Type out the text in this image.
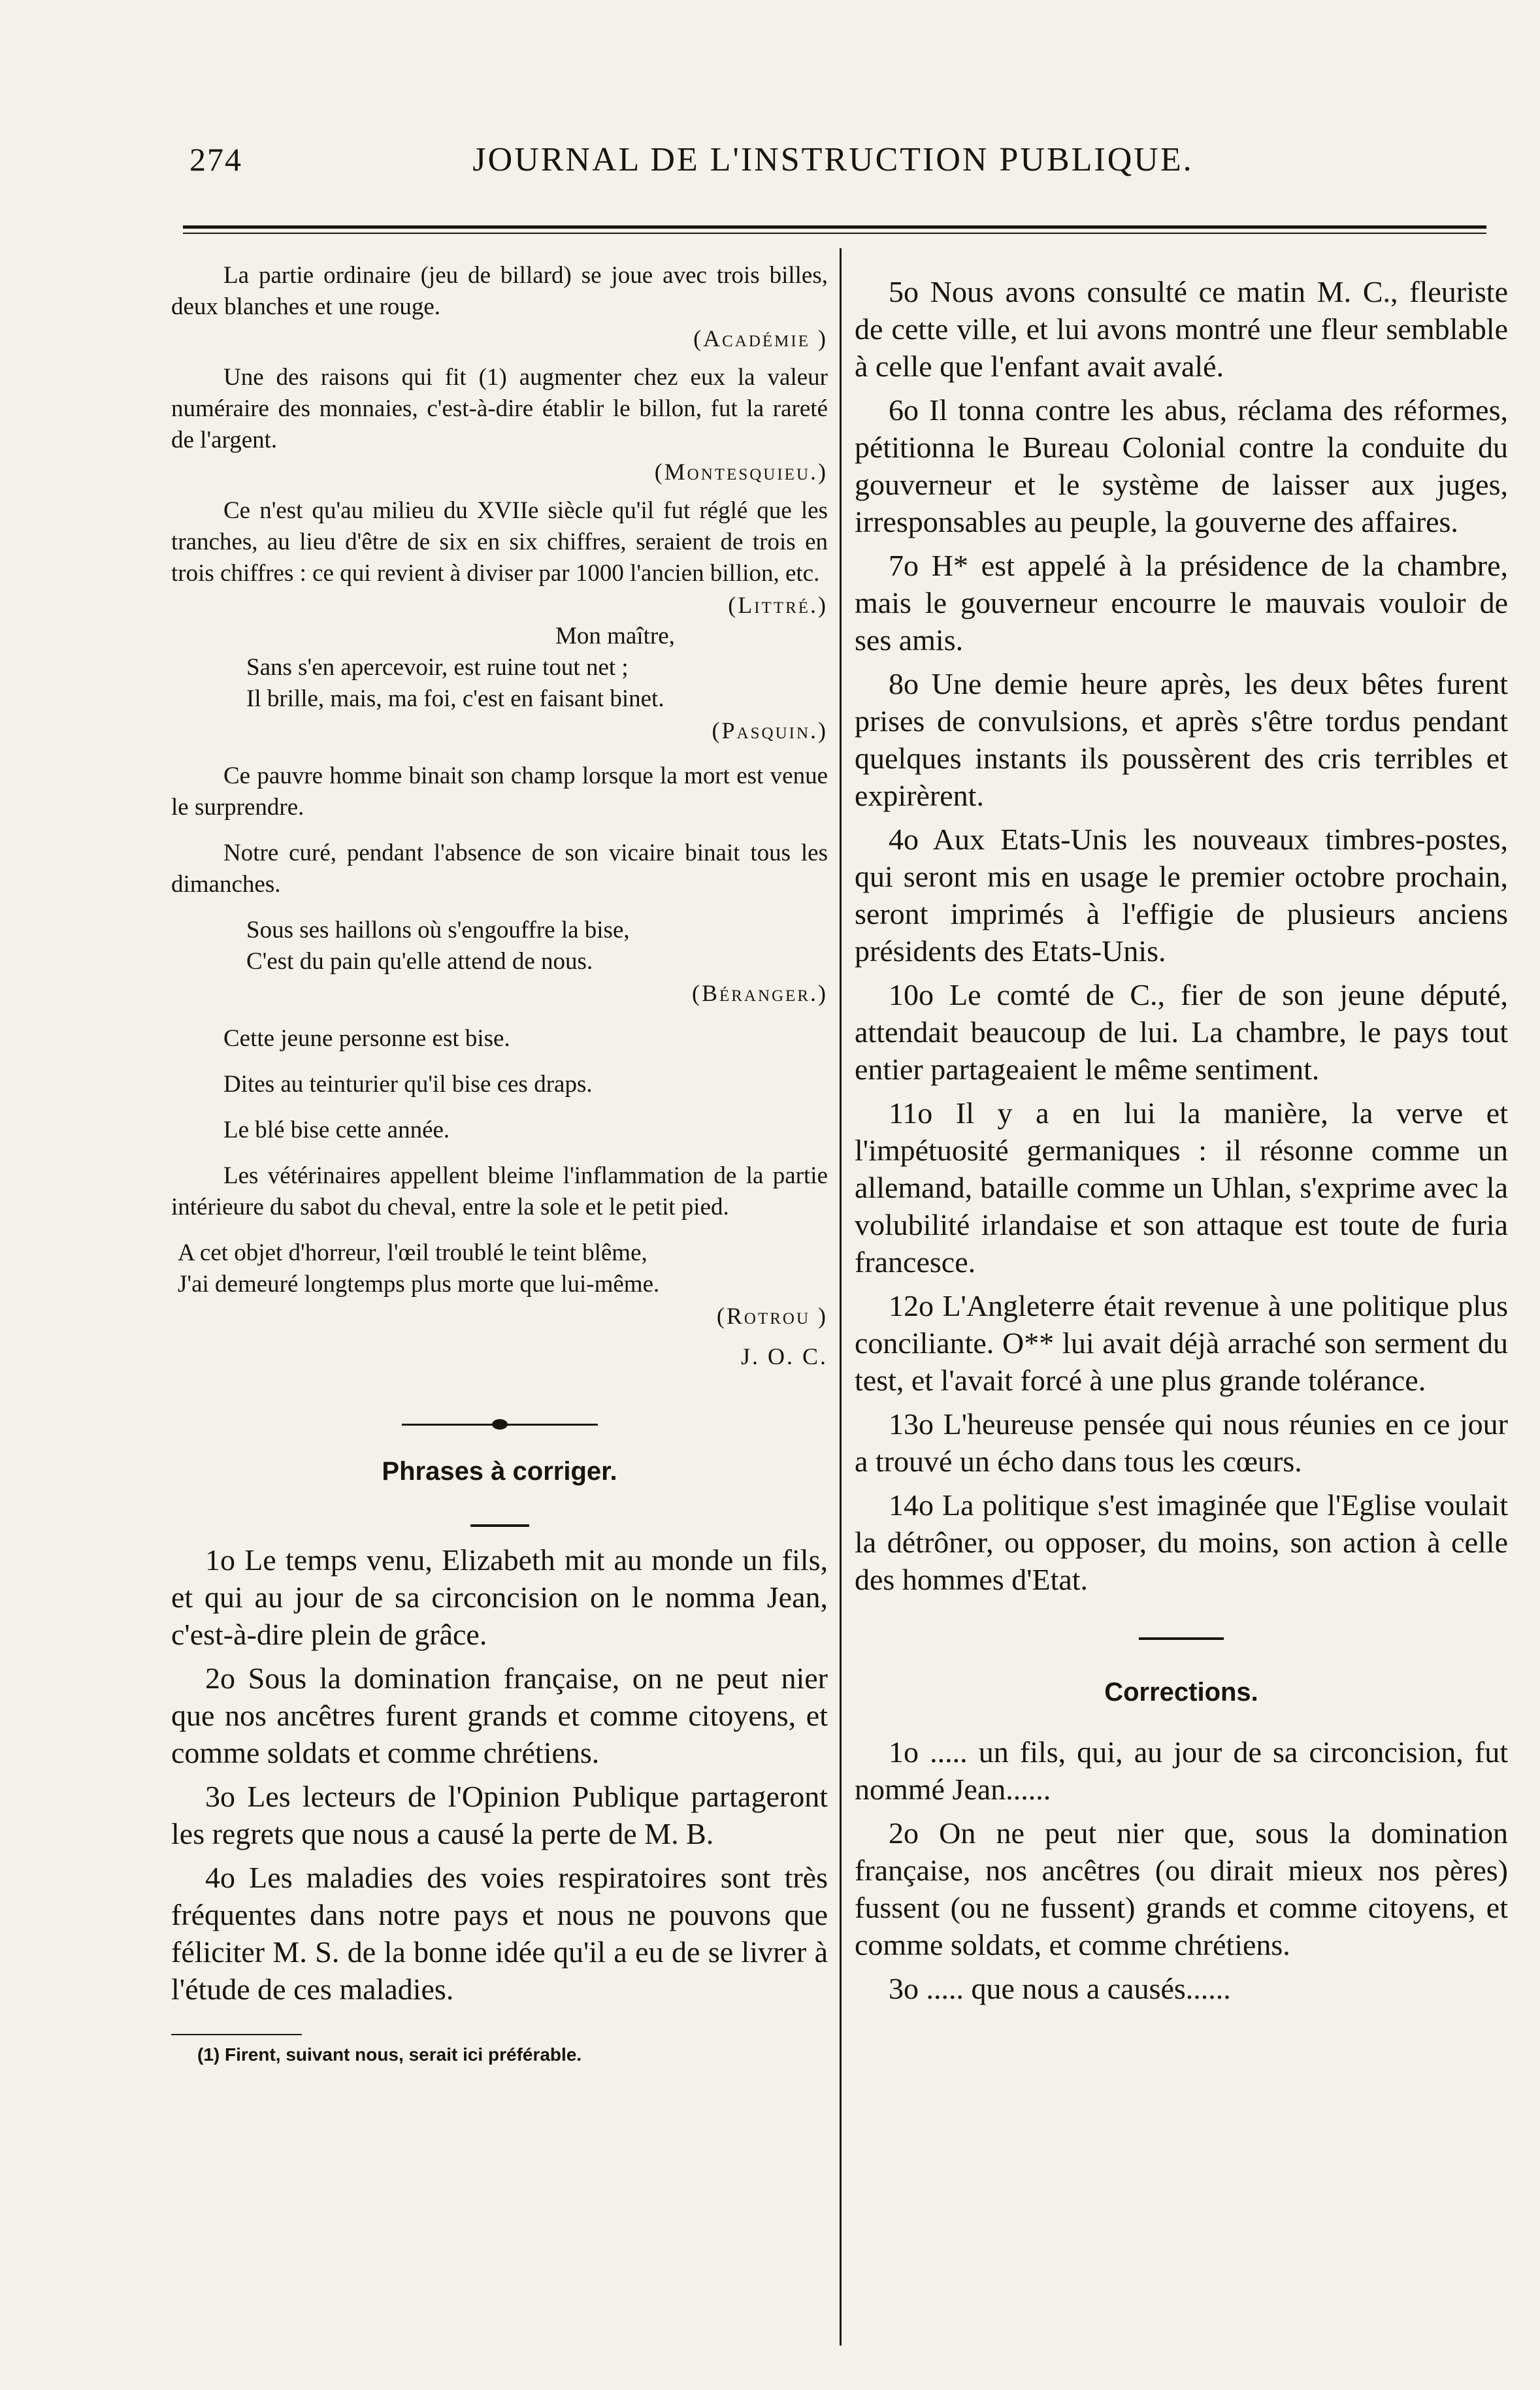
274	JOURNAL DE L'INSTRUCTION PUBLIQUE.

La partie ordinaire (jeu de billard) se joue avec trois billes, deux blanches et une rouge.

(Académie )

Une des raisons qui fit (1) augmenter chez eux la valeur numéraire des monnaies, c'est-à-dire établir le billon, fut la rareté de l'argent.

(Montesquieu.)

Ce n'est qu'au milieu du XVIIe siècle qu'il fut réglé que les tranches, au lieu d'être de six en six chiffres, seraient de trois en trois chiffres : ce qui revient à diviser par 1000 l'ancien billion, etc.

(Littré.)

Mon maître,
Sans s'en apercevoir, est ruine tout net ;
Il brille, mais, ma foi, c'est en faisant binet.

(Pasquin.)

Ce pauvre homme binait son champ lorsque la mort est venue le surprendre.

Notre curé, pendant l'absence de son vicaire binait tous les dimanches.

Sous ses haillons où s'engouffre la bise,
C'est du pain qu'elle attend de nous.

(Béranger.)

Cette jeune personne est bise.

Dites au teinturier qu'il bise ces draps.

Le blé bise cette année.

Les vétérinaires appellent bleime l'inflammation de la partie intérieure du sabot du cheval, entre la sole et le petit pied.

A cet objet d'horreur, l'œil troublé le teint blême,
J'ai demeuré longtemps plus morte que lui-même.

(Rotrou )

J. O. C.

Phrases à corriger.

1o Le temps venu, Elizabeth mit au monde un fils, et qui au jour de sa circoncision on le nomma Jean, c'est-à-dire plein de grâce.

2o Sous la domination française, on ne peut nier que nos ancêtres furent grands et comme citoyens, et comme soldats et comme chrétiens.

3o Les lecteurs de l'Opinion Publique partageront les regrets que nous a causé la perte de M. B.

4o Les maladies des voies respiratoires sont très fréquentes dans notre pays et nous ne pouvons que féliciter M. S. de la bonne idée qu'il a eu de se livrer à l'étude de ces maladies.

(1) Firent, suivant nous, serait ici préférable.

5o Nous avons consulté ce matin M. C., fleuriste de cette ville, et lui avons montré une fleur semblable à celle que l'enfant avait avalé.

6o Il tonna contre les abus, réclama des réformes, pétitionna le Bureau Colonial contre la conduite du gouverneur et le système de laisser aux juges, irresponsables au peuple, la gouverne des affaires.

7o H* est appelé à la présidence de la chambre, mais le gouverneur encourre le mauvais vouloir de ses amis.

8o Une demie heure après, les deux bêtes furent prises de convulsions, et après s'être tordus pendant quelques instants ils poussèrent des cris terribles et expirèrent.

4o Aux Etats-Unis les nouveaux timbres-postes, qui seront mis en usage le premier octobre prochain, seront imprimés à l'effigie de plusieurs anciens présidents des Etats-Unis.

10o Le comté de C., fier de son jeune député, attendait beaucoup de lui. La chambre, le pays tout entier partageaient le même sentiment.

11o Il y a en lui la manière, la verve et l'impétuosité germaniques : il résonne comme un allemand, bataille comme un Uhlan, s'exprime avec la volubilité irlandaise et son attaque est toute de furia francesce.

12o L'Angleterre était revenue à une politique plus conciliante. O** lui avait déjà arraché son serment du test, et l'avait forcé à une plus grande tolérance.

13o L'heureuse pensée qui nous réunies en ce jour a trouvé un écho dans tous les cœurs.

14o La politique s'est imaginée que l'Eglise voulait la détrôner, ou opposer, du moins, son action à celle des hommes d'Etat.

Corrections.

1o ..... un fils, qui, au jour de sa circoncision, fut nommé Jean......

2o On ne peut nier que, sous la domination française, nos ancêtres (ou dirait mieux nos pères) fussent (ou ne fussent) grands et comme citoyens, et comme soldats, et comme chrétiens.

3o ..... que nous a causés......
